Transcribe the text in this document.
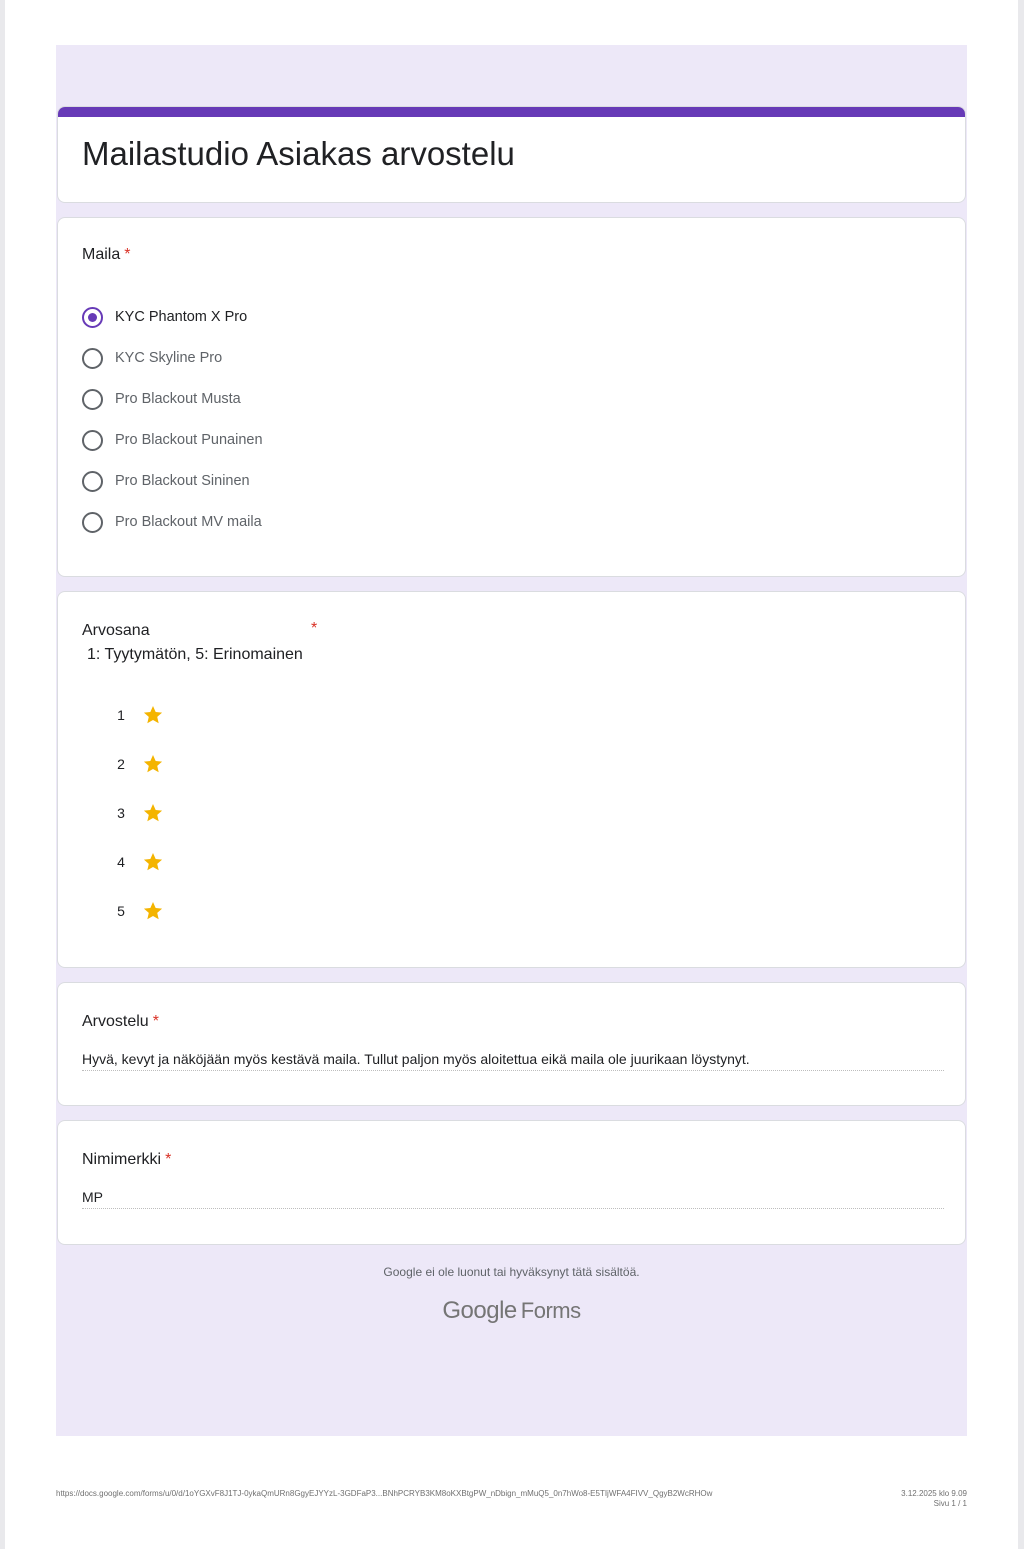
Mailastudio Asiakas arvostelu
Maila *
KYC Phantom X Pro
KYC Skyline Pro
Pro Blackout Musta
Pro Blackout Punainen
Pro Blackout Sininen
Pro Blackout MV maila
Arvosana	*
1: Tyytymätön, 5: Erinomainen
1
2
3
4
5
Arvostelu *
Hyvä, kevyt ja näköjään myös kestävä maila. Tullut paljon myös aloitettua eikä maila ole juurikaan löystynyt.
Nimimerkki *
MP
Google ei ole luonut tai hyväksynyt tätä sisältöä.
Google Forms
https://docs.google.com/forms/u/0/d/1oYGXvF8J1TJ-0ykaQmURn8GgyEJYYzL-3GDFaP3...BNhPCRYB3KM8oKXBtgPW_nDbign_mMuQ5_0n7hWo8-E5TIjWFA4FIVV_QgyB2WcRHOw	3.12.2025 klo 9.09
Sivu 1 / 1
